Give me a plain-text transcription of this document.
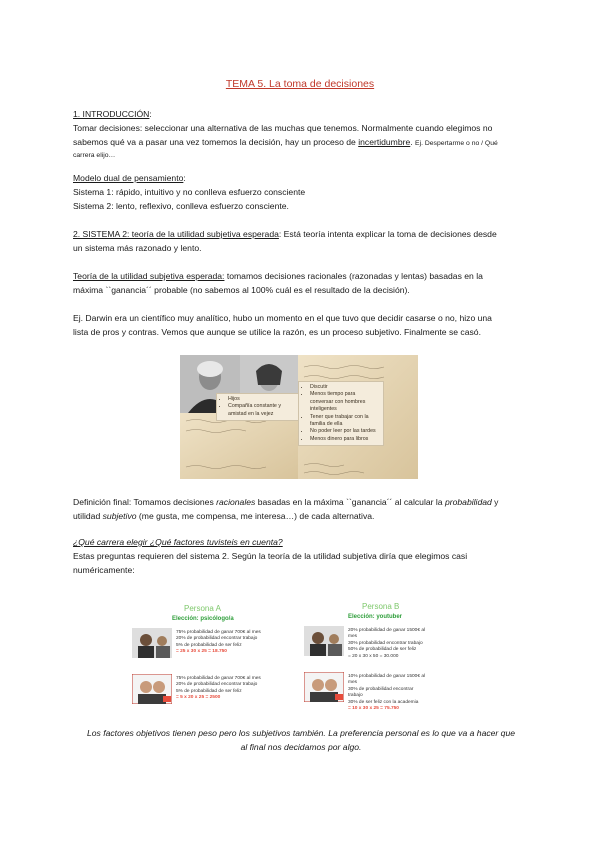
TEMA 5. La toma de decisiones
1. INTRODUCCIÓN:
Tomar decisiones: seleccionar una alternativa de las muchas que tenemos. Normalmente cuando elegimos no
sabemos qué va a pasar una vez tomemos la decisión, hay un proceso de incertidumbre. Ej. Despertarme o no / Qué
carrera elijo…
Modelo dual de pensamiento:
Sistema 1: rápido, intuitivo y no conlleva esfuerzo consciente
Sistema 2: lento, reflexivo, conlleva esfuerzo consciente.
2. SISTEMA 2: teoría de la utilidad subjetiva esperada: Está teoría intenta explicar la toma de decisiones desde
un sistema más razonado y lento.
Teoría de la utilidad subjetiva esperada: tomamos decisiones racionales (razonadas y lentas) basadas en la
máxima ``ganancia´´ probable (no sabemos al 100% cuál es el resultado de la decisión).
Ej. Darwin era un científico muy analítico, hubo un momento en el que tuvo que decidir casarse o no, hizo una
lista de pros y contras. Vemos que aunque se utilice la razón, es un proceso subjetivo. Finalmente se casó.
• Hijos
• Compañía constante y amistad en la vejez
• Discutir
• Menos tiempo para conversar con hombres inteligentes
• Tener que trabajar con la familia de ella
• No poder leer por las tardes
• Menos dinero para libros
Definición final: Tomamos decisiones racionales basadas en la máxima ``ganancia´´ al calcular la probabilidad y
utilidad subjetivo (me gusta, me compensa, me interesa…) de cada alternativa.
¿Qué carrera elegir ¿Qué factores tuvisteis en cuenta?
Estas preguntas requieren del sistema 2. Según la teoría de la utilidad subjetiva diría que elegimos casi
numéricamente:
Persona A
Elección: psicólogo/a
Persona B
Elección: youtuber
75% probabilidad de ganar 700€ al mes
20% de probabilidad encontrar trabajo
5% de probabilidad de ser feliz
= 25 x 30 x 25 = 18.750
75% probabilidad de ganar 700€ al mes
20% de probabilidad encontrar trabajo
5% de probabilidad de ser feliz
= 5 x 20 x 25 = 2500
20% probabilidad de ganar 1500€ al mes
30% probabilidad encontrar trabajo
50% de probabilidad de ser feliz
= 20 x 30 x 50 = 30.000
10% probabilidad de ganar 1500€ al mes
30% de probabilidad encontrar trabajo
30% de ser feliz con la academia
= 10 x 30 x 25 = 75.750
Los factores objetivos tienen peso pero los subjetivos también. La preferencia personal es lo que va a hacer que
al final nos decidamos por algo.
